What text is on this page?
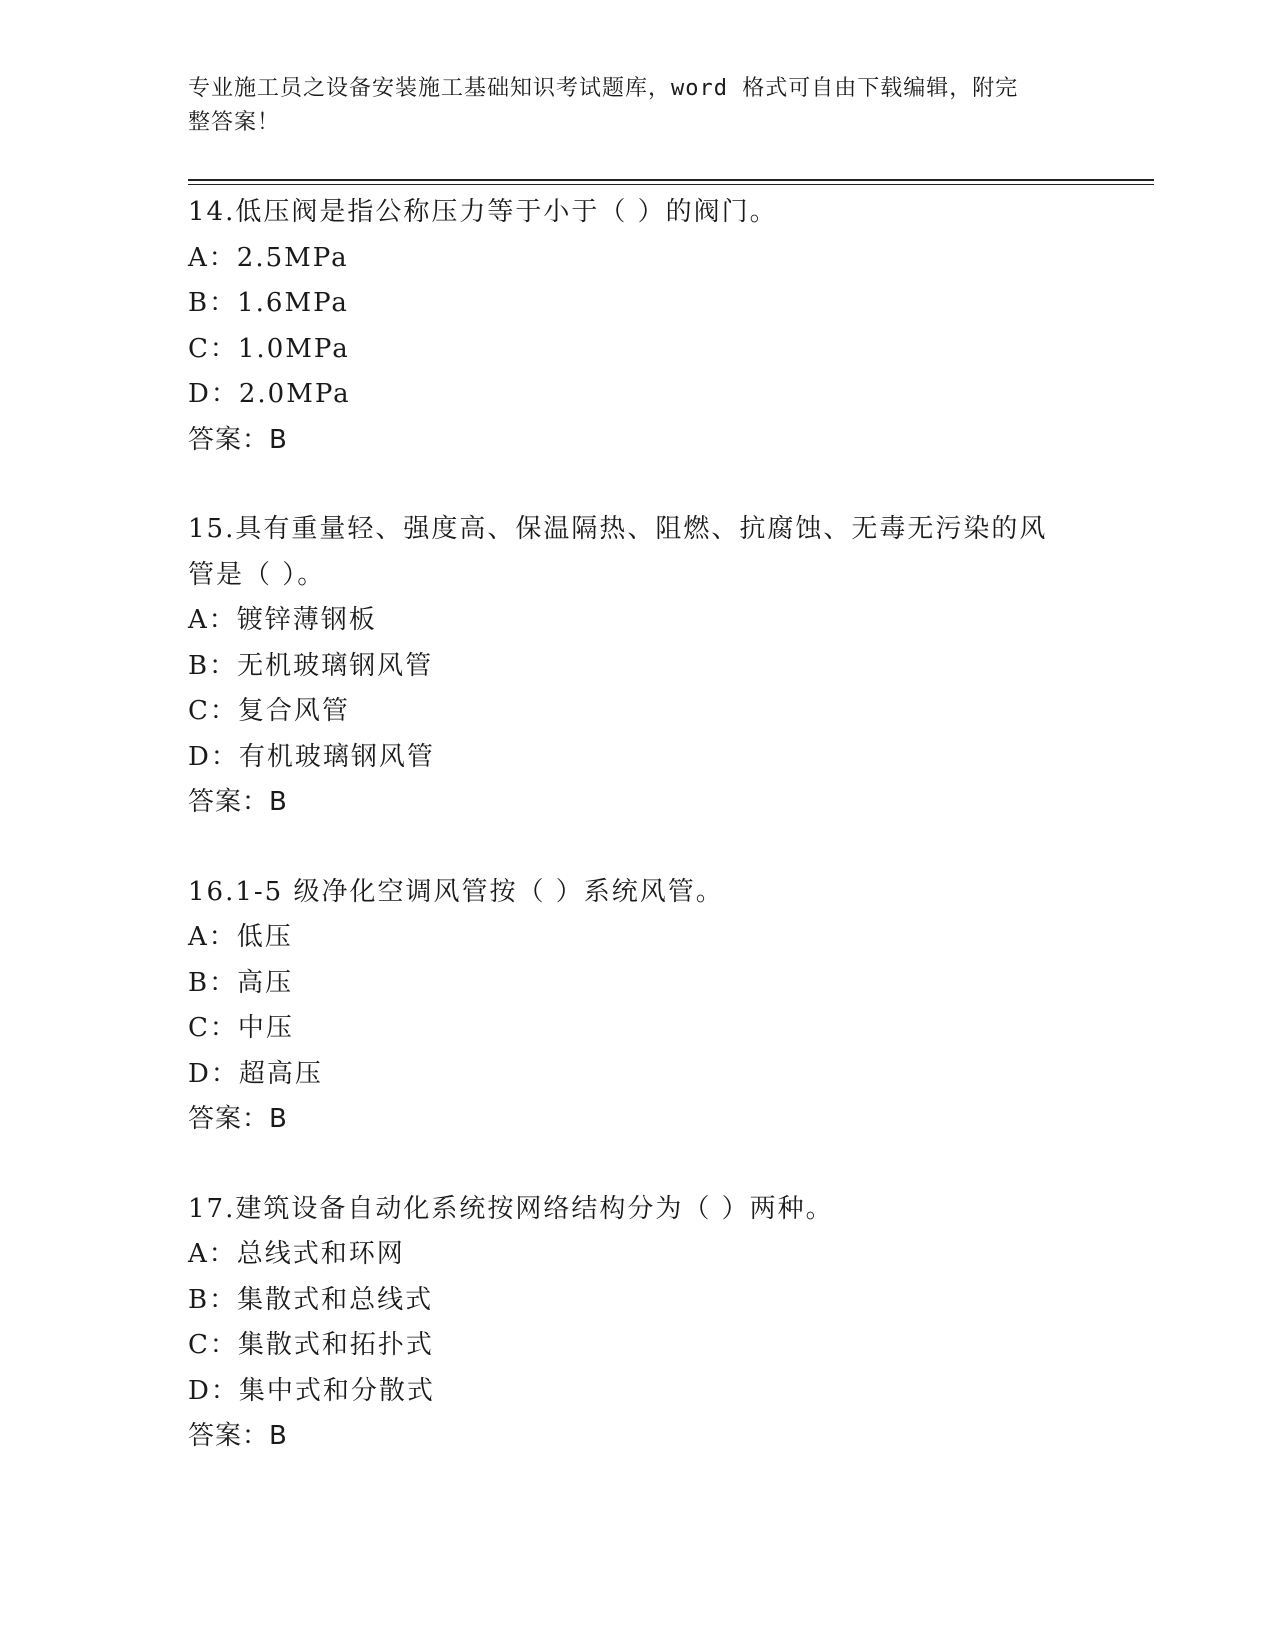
专业施工员之设备安装施工基础知识考试题库，word 格式可自由下载编辑，附完
整答案！
14.低压阀是指公称压力等于小于（ ）的阀门。
A：2.5MPa
B：1.6MPa
C：1.0MPa
D：2.0MPa
答案：B
15.具有重量轻、强度高、保温隔热、阻燃、抗腐蚀、无毒无污染的风
管是（ ）。
A：镀锌薄钢板
B：无机玻璃钢风管
C：复合风管
D：有机玻璃钢风管
答案：B
16.1-5 级净化空调风管按（ ）系统风管。
A：低压
B：高压
C：中压
D：超高压
答案：B
17.建筑设备自动化系统按网络结构分为（ ）两种。
A：总线式和环网
B：集散式和总线式
C：集散式和拓扑式
D：集中式和分散式
答案：B
